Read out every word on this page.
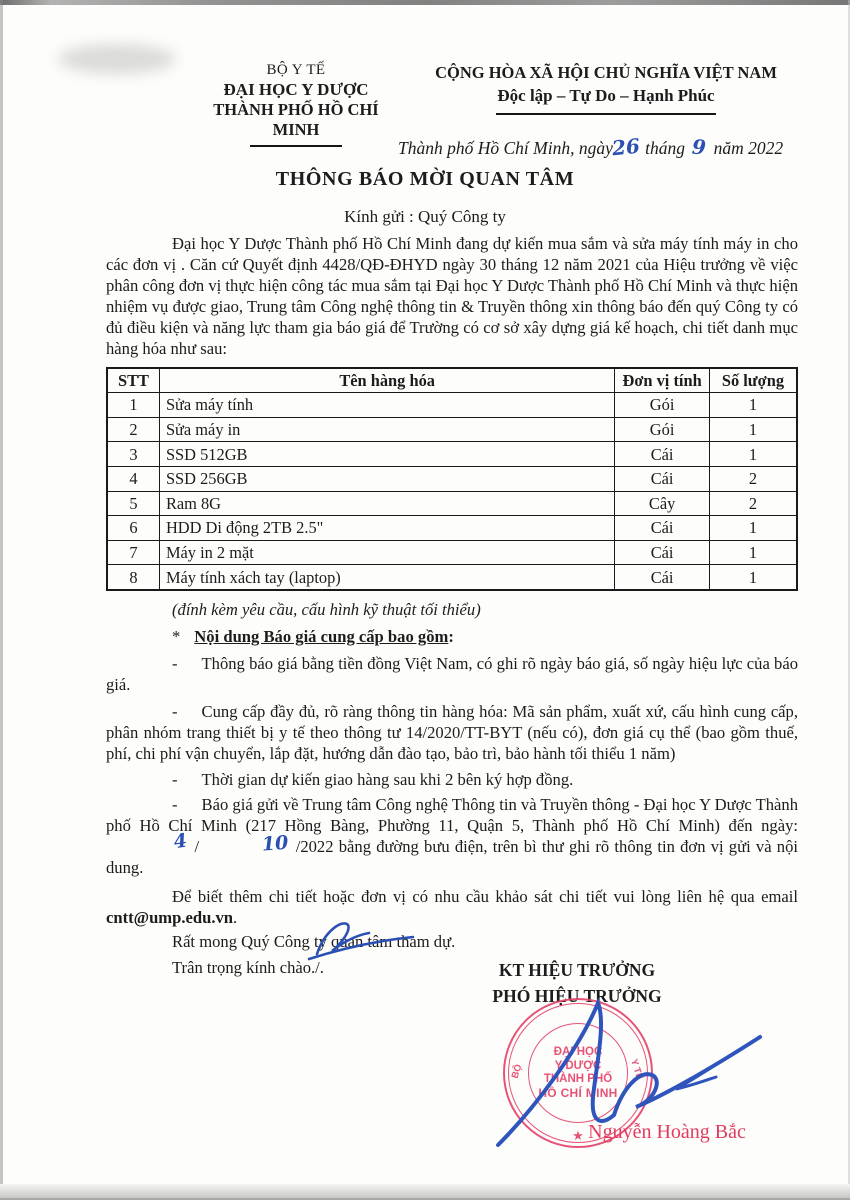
BỘ Y TẾ
ĐẠI HỌC Y DƯỢC
THÀNH PHỐ HỒ CHÍ MINH
CỘNG HÒA XÃ HỘI CHỦ NGHĨA VIỆT NAM
Độc lập – Tự Do – Hạnh Phúc
Thành phố Hồ Chí Minh, ngày26 tháng 9 năm 2022
THÔNG BÁO MỜI QUAN TÂM
Kính gửi : Quý Công ty

Đại học Y Dược Thành phố Hồ Chí Minh đang dự kiến mua sắm và sửa máy tính máy in cho các đơn vị . Căn cứ Quyết định 4428/QĐ-ĐHYD ngày 30 tháng 12 năm 2021 của Hiệu trưởng về việc phân công đơn vị thực hiện công tác mua sắm tại Đại học Y Dược Thành phố Hồ Chí Minh và thực hiện nhiệm vụ được giao, Trung tâm Công nghệ thông tin & Truyền thông xin thông báo đến quý Công ty có đủ điều kiện và năng lực tham gia báo giá để Trường có cơ sở xây dựng giá kế hoạch, chi tiết danh mục hàng hóa như sau:

STT	Tên hàng hóa	Đơn vị tính	Số lượng
1	Sửa máy tính	Gói	1
2	Sửa máy in	Gói	1
3	SSD 512GB	Cái	1
4	SSD 256GB	Cái	2
5	Ram 8G	Cây	2
6	HDD Di động 2TB 2.5"	Cái	1
7	Máy in 2 mặt	Cái	1
8	Máy tính xách tay (laptop)	Cái	1

(đính kèm yêu cầu, cấu hình kỹ thuật tối thiểu)

* Nội dung Báo giá cung cấp bao gồm:

- Thông báo giá bằng tiền đồng Việt Nam, có ghi rõ ngày báo giá, số ngày hiệu lực của báo giá.

- Cung cấp đầy đủ, rõ ràng thông tin hàng hóa: Mã sản phẩm, xuất xứ, cấu hình cung cấp, phân nhóm trang thiết bị y tế theo thông tư 14/2020/TT-BYT (nếu có), đơn giá cụ thể (bao gồm thuế, phí, chi phí vận chuyển, lắp đặt, hướng dẫn đào tạo, bảo trì, bảo hành tối thiểu 1 năm)

- Thời gian dự kiến giao hàng sau khi 2 bên ký hợp đồng.

- Báo giá gửi về Trung tâm Công nghệ Thông tin và Truyền thông - Đại học Y Dược Thành phố Hồ Chí Minh (217 Hồng Bàng, Phường 11, Quận 5, Thành phố Hồ Chí Minh) đến ngày:4 /	10 /2022 bằng đường bưu điện, trên bì thư ghi rõ thông tin đơn vị gửi và nội dung.

Để biết thêm chi tiết hoặc đơn vị có nhu cầu khảo sát chi tiết vui lòng liên hệ qua email cntt@ump.edu.vn.

Rất mong Quý Công ty quan tâm tham dự.

Trân trọng kính chào./.	KT HIỆU TRƯỞNG
PHÓ HIỆU TRƯỞNG
BỘ	Y TẾ
ĐẠI HỌC
Y DƯỢC
THÀNH PHỐ
HỒ CHÍ MINH
★ Nguyễn Hoàng Bắc
